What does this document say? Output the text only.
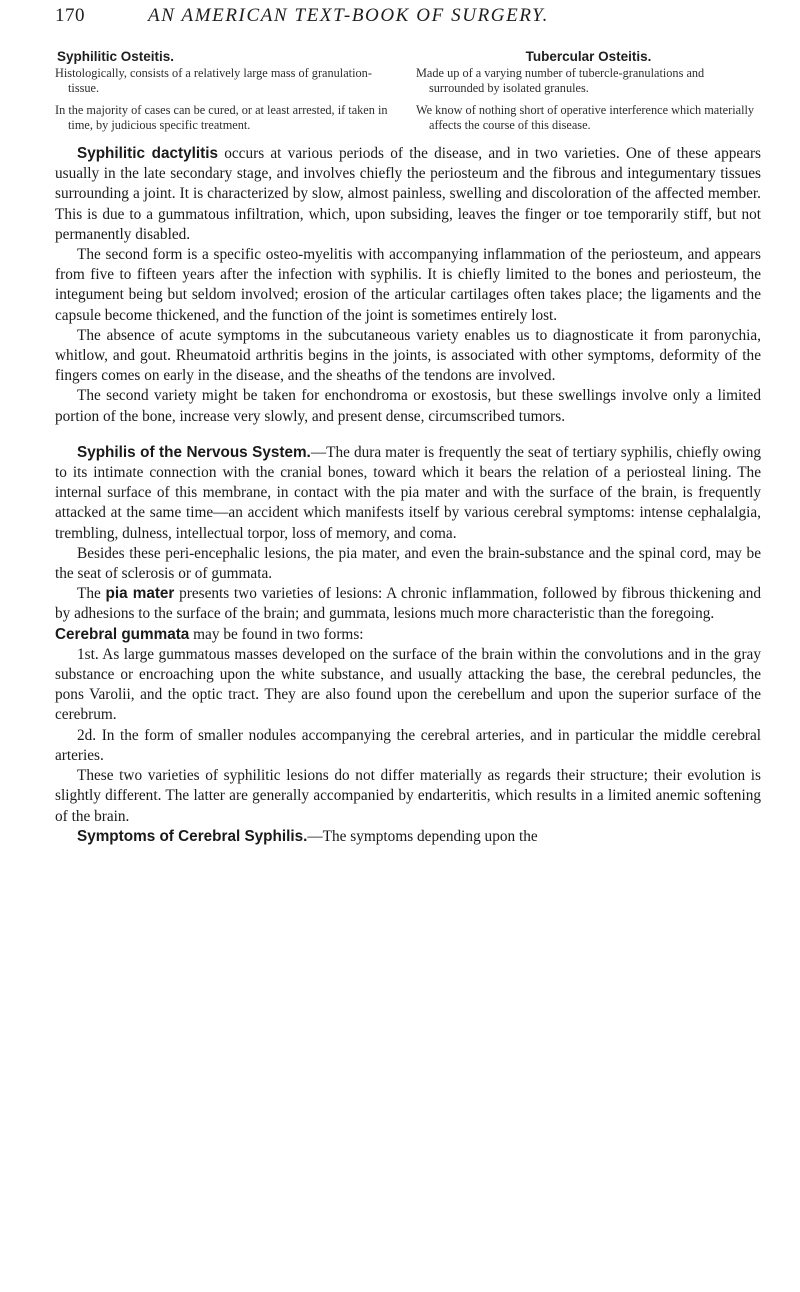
170	AN AMERICAN TEXT-BOOK OF SURGERY.
Syphilitic Osteitis.

Histologically, consists of a relatively large mass of granulation-tissue.

In the majority of cases can be cured, or at least arrested, if taken in time, by judicious specific treatment.

Tubercular Osteitis.

Made up of a varying number of tubercle-granulations and surrounded by isolated granules.

We know of nothing short of operative interference which materially affects the course of this disease.

Syphilitic dactylitis occurs at various periods of the disease, and in two varieties. One of these appears usually in the late secondary stage, and involves chiefly the periosteum and the fibrous and integumentary tissues surrounding a joint. It is characterized by slow, almost painless, swelling and discoloration of the affected member. This is due to a gummatous infiltration, which, upon subsiding, leaves the finger or toe temporarily stiff, but not permanently disabled.

The second form is a specific osteo-myelitis with accompanying inflammation of the periosteum, and appears from five to fifteen years after the infection with syphilis. It is chiefly limited to the bones and periosteum, the integument being but seldom involved; erosion of the articular cartilages often takes place; the ligaments and the capsule become thickened, and the function of the joint is sometimes entirely lost.

The absence of acute symptoms in the subcutaneous variety enables us to diagnosticate it from paronychia, whitlow, and gout. Rheumatoid arthritis begins in the joints, is associated with other symptoms, deformity of the fingers comes on early in the disease, and the sheaths of the tendons are involved.

The second variety might be taken for enchondroma or exostosis, but these swellings involve only a limited portion of the bone, increase very slowly, and present dense, circumscribed tumors.

Syphilis of the Nervous System.—The dura mater is frequently the seat of tertiary syphilis, chiefly owing to its intimate connection with the cranial bones, toward which it bears the relation of a periosteal lining. The internal surface of this membrane, in contact with the pia mater and with the surface of the brain, is frequently attacked at the same time—an accident which manifests itself by various cerebral symptoms: intense cephalalgia, trembling, dulness, intellectual torpor, loss of memory, and coma.

Besides these peri-encephalic lesions, the pia mater, and even the brain-substance and the spinal cord, may be the seat of sclerosis or of gummata.

The pia mater presents two varieties of lesions: A chronic inflammation, followed by fibrous thickening and by adhesions to the surface of the brain; and gummata, lesions much more characteristic than the foregoing.

Cerebral gummata may be found in two forms:

1st. As large gummatous masses developed on the surface of the brain within the convolutions and in the gray substance or encroaching upon the white substance, and usually attacking the base, the cerebral peduncles, the pons Varolii, and the optic tract. They are also found upon the cerebellum and upon the superior surface of the cerebrum.

2d. In the form of smaller nodules accompanying the cerebral arteries, and in particular the middle cerebral arteries.

These two varieties of syphilitic lesions do not differ materially as regards their structure; their evolution is slightly different. The latter are generally accompanied by endarteritis, which results in a limited anemic softening of the brain.

Symptoms of Cerebral Syphilis.—The symptoms depending upon the
